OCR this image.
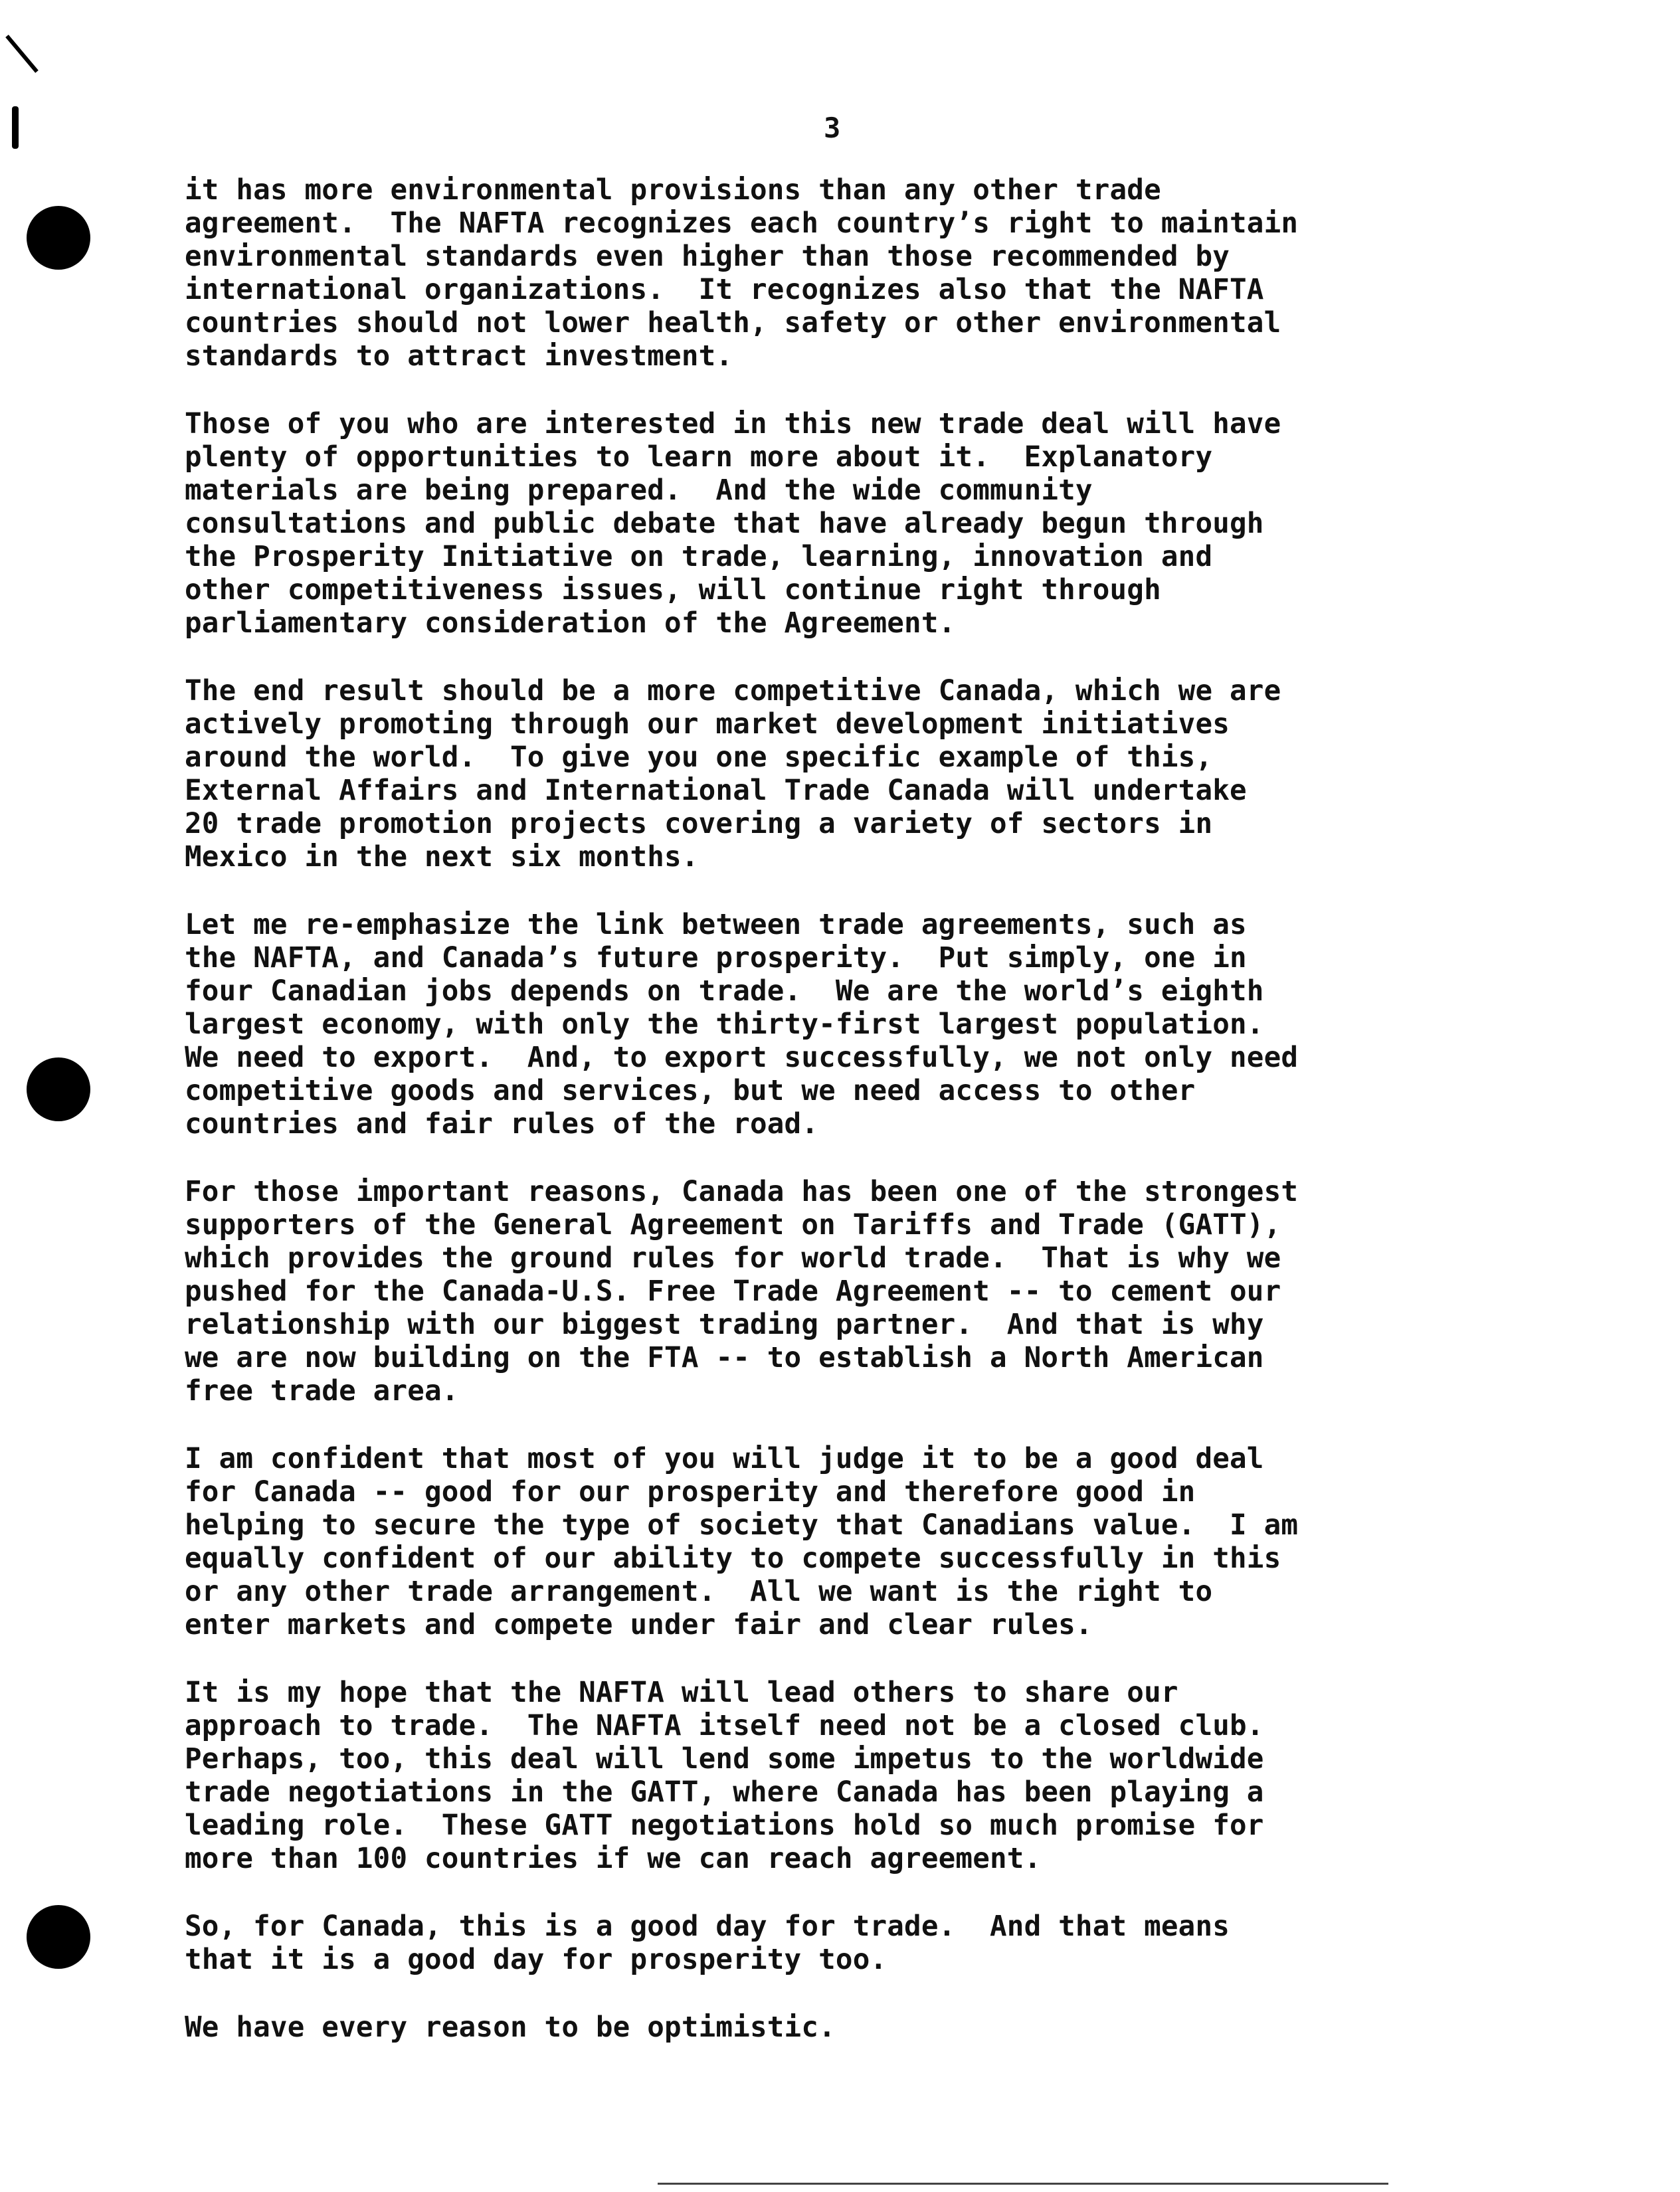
3

it has more environmental provisions than any other trade
agreement.  The NAFTA recognizes each country’s right to maintain
environmental standards even higher than those recommended by
international organizations.  It recognizes also that the NAFTA
countries should not lower health, safety or other environmental
standards to attract investment.

Those of you who are interested in this new trade deal will have
plenty of opportunities to learn more about it.  Explanatory
materials are being prepared.  And the wide community
consultations and public debate that have already begun through
the Prosperity Initiative on trade, learning, innovation and
other competitiveness issues, will continue right through
parliamentary consideration of the Agreement.

The end result should be a more competitive Canada, which we are
actively promoting through our market development initiatives
around the world.  To give you one specific example of this,
External Affairs and International Trade Canada will undertake
20 trade promotion projects covering a variety of sectors in
Mexico in the next six months.

Let me re-emphasize the link between trade agreements, such as
the NAFTA, and Canada’s future prosperity.  Put simply, one in
four Canadian jobs depends on trade.  We are the world’s eighth
largest economy, with only the thirty-first largest population.
We need to export.  And, to export successfully, we not only need
competitive goods and services, but we need access to other
countries and fair rules of the road.

For those important reasons, Canada has been one of the strongest
supporters of the General Agreement on Tariffs and Trade (GATT),
which provides the ground rules for world trade.  That is why we
pushed for the Canada-U.S. Free Trade Agreement -- to cement our
relationship with our biggest trading partner.  And that is why
we are now building on the FTA -- to establish a North American
free trade area.

I am confident that most of you will judge it to be a good deal
for Canada -- good for our prosperity and therefore good in
helping to secure the type of society that Canadians value.  I am
equally confident of our ability to compete successfully in this
or any other trade arrangement.  All we want is the right to
enter markets and compete under fair and clear rules.

It is my hope that the NAFTA will lead others to share our
approach to trade.  The NAFTA itself need not be a closed club.
Perhaps, too, this deal will lend some impetus to the worldwide
trade negotiations in the GATT, where Canada has been playing a
leading role.  These GATT negotiations hold so much promise for
more than 100 countries if we can reach agreement.

So, for Canada, this is a good day for trade.  And that means
that it is a good day for prosperity too.

We have every reason to be optimistic.
